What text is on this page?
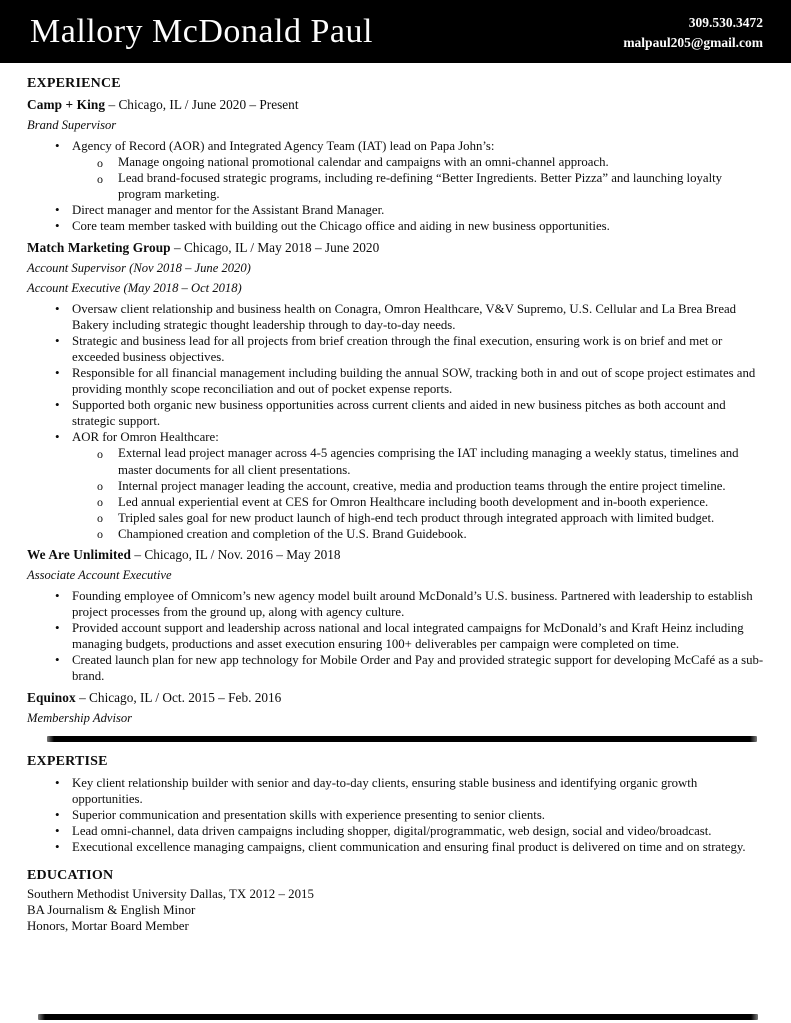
Mallory McDonald Paul	309.530.3472
malpaul205@gmail.com
EXPERIENCE

Camp + King – Chicago, IL / June 2020 – Present

Brand Supervisor

• Agency of Record (AOR) and Integrated Agency Team (IAT) lead on Papa John’s:
o Manage ongoing national promotional calendar and campaigns with an omni-channel approach.
o Lead brand-focused strategic programs, including re-defining “Better Ingredients. Better Pizza” and launching loyalty program marketing.
• Direct manager and mentor for the Assistant Brand Manager.
• Core team member tasked with building out the Chicago office and aiding in new business opportunities.

Match Marketing Group – Chicago, IL / May 2018 – June 2020

Account Supervisor (Nov 2018 – June 2020)

Account Executive (May 2018 – Oct 2018)

• Oversaw client relationship and business health on Conagra, Omron Healthcare, V&V Supremo, U.S. Cellular and La Brea Bread Bakery including strategic thought leadership through to day-to-day needs.
• Strategic and business lead for all projects from brief creation through the final execution, ensuring work is on brief and met or exceeded business objectives.
• Responsible for all financial management including building the annual SOW, tracking both in and out of scope project estimates and providing monthly scope reconciliation and out of pocket expense reports.
• Supported both organic new business opportunities across current clients and aided in new business pitches as both account and strategic support.
• AOR for Omron Healthcare:
o External lead project manager across 4-5 agencies comprising the IAT including managing a weekly status, timelines and master documents for all client presentations.
o Internal project manager leading the account, creative, media and production teams through the entire project timeline.
o Led annual experiential event at CES for Omron Healthcare including booth development and in-booth experience.
o Tripled sales goal for new product launch of high-end tech product through integrated approach with limited budget.
o Championed creation and completion of the U.S. Brand Guidebook.

We Are Unlimited – Chicago, IL / Nov. 2016 – May 2018

Associate Account Executive

• Founding employee of Omnicom’s new agency model built around McDonald’s U.S. business. Partnered with leadership to establish project processes from the ground up, along with agency culture.
• Provided account support and leadership across national and local integrated campaigns for McDonald’s and Kraft Heinz including managing budgets, productions and asset execution ensuring 100+ deliverables per campaign were completed on time.
• Created launch plan for new app technology for Mobile Order and Pay and provided strategic support for developing McCafé as a sub-brand.

Equinox – Chicago, IL / Oct. 2015 – Feb. 2016

Membership Advisor

EXPERTISE
• Key client relationship builder with senior and day-to-day clients, ensuring stable business and identifying organic growth opportunities.
• Superior communication and presentation skills with experience presenting to senior clients.
• Lead omni-channel, data driven campaigns including shopper, digital/programmatic, web design, social and video/broadcast.
• Executional excellence managing campaigns, client communication and ensuring final product is delivered on time and on strategy.
EDUCATION

Southern Methodist University Dallas, TX 2012 – 2015

BA Journalism & English Minor

Honors, Mortar Board Member
